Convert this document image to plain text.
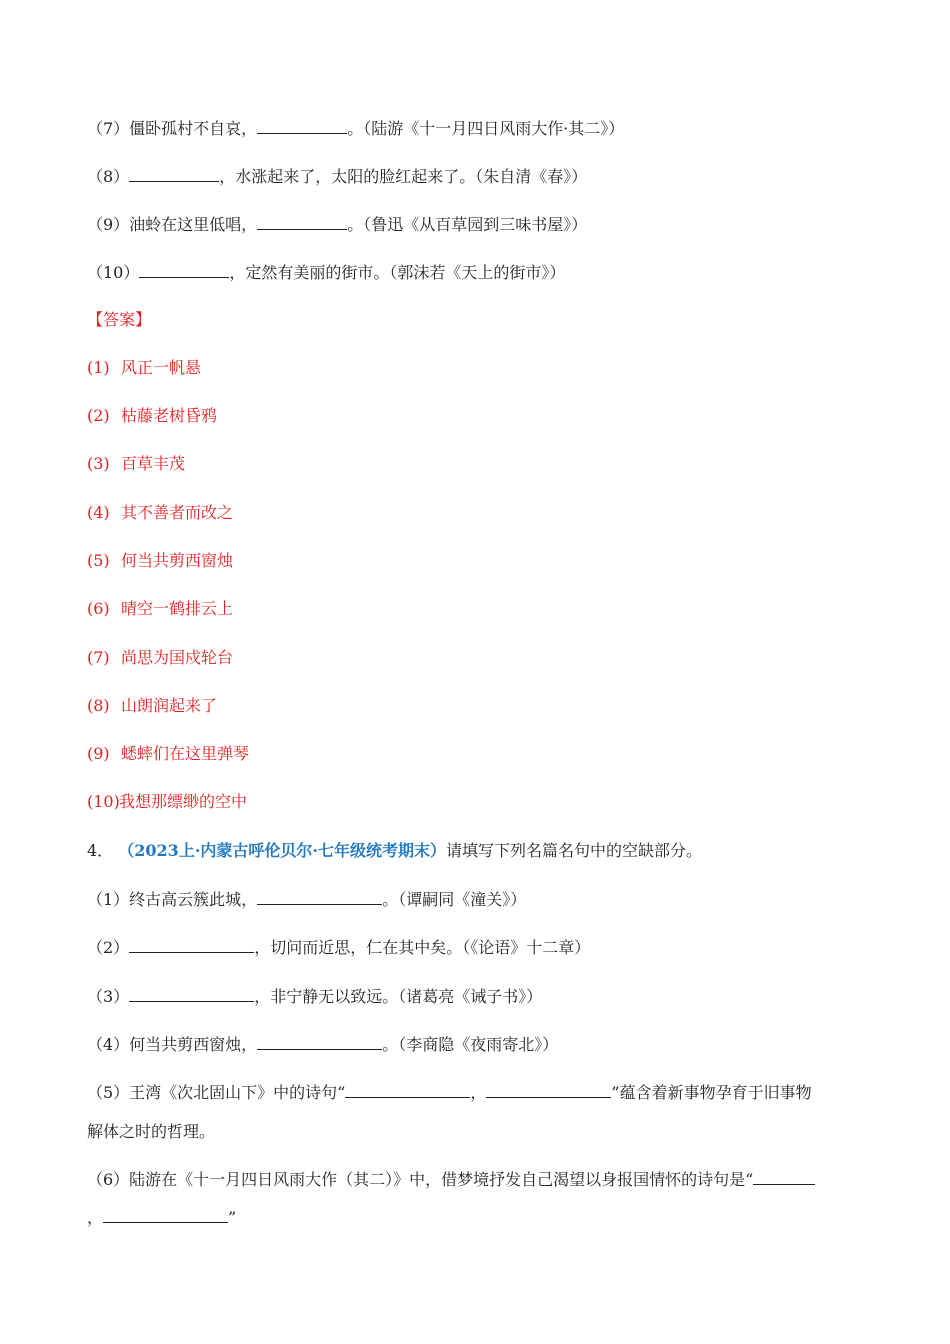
（7）僵卧孤村不自哀，	。（陆游《十一月四日风雨大作·其二》）
（8）	，水涨起来了，太阳的脸红起来了。（朱自清《春》）
（9）油蛉在这里低唱，	。（鲁迅《从百草园到三味书屋》）
（10）	，定然有美丽的街市。（郭沫若《天上的街市》）
【答案】
(1) 风正一帆悬
(2) 枯藤老树昏鸦
(3) 百草丰茂
(4) 其不善者而改之
(5) 何当共剪西窗烛
(6) 晴空一鹤排云上
(7) 尚思为国戍轮台
(8) 山朗润起来了
(9) 蟋蟀们在这里弹琴
(10)我想那缥缈的空中
4． （2023上·内蒙古呼伦贝尔·七年级统考期末）请填写下列名篇名句中的空缺部分。
（1）终古高云簇此城，	。（谭嗣同《潼关》）
（2）	，切问而近思，仁在其中矣。（《论语》十二章）
（3）	，非宁静无以致远。（诸葛亮《诫子书》）
（4）何当共剪西窗烛，	。（李商隐《夜雨寄北》）
（5）王湾《次北固山下》中的诗句“	，	”蕴含着新事物孕育于旧事物
解体之时的哲理。
（6）陆游在《十一月四日风雨大作（其二）》中，借梦境抒发自己渴望以身报国情怀的诗句是“
，	”
